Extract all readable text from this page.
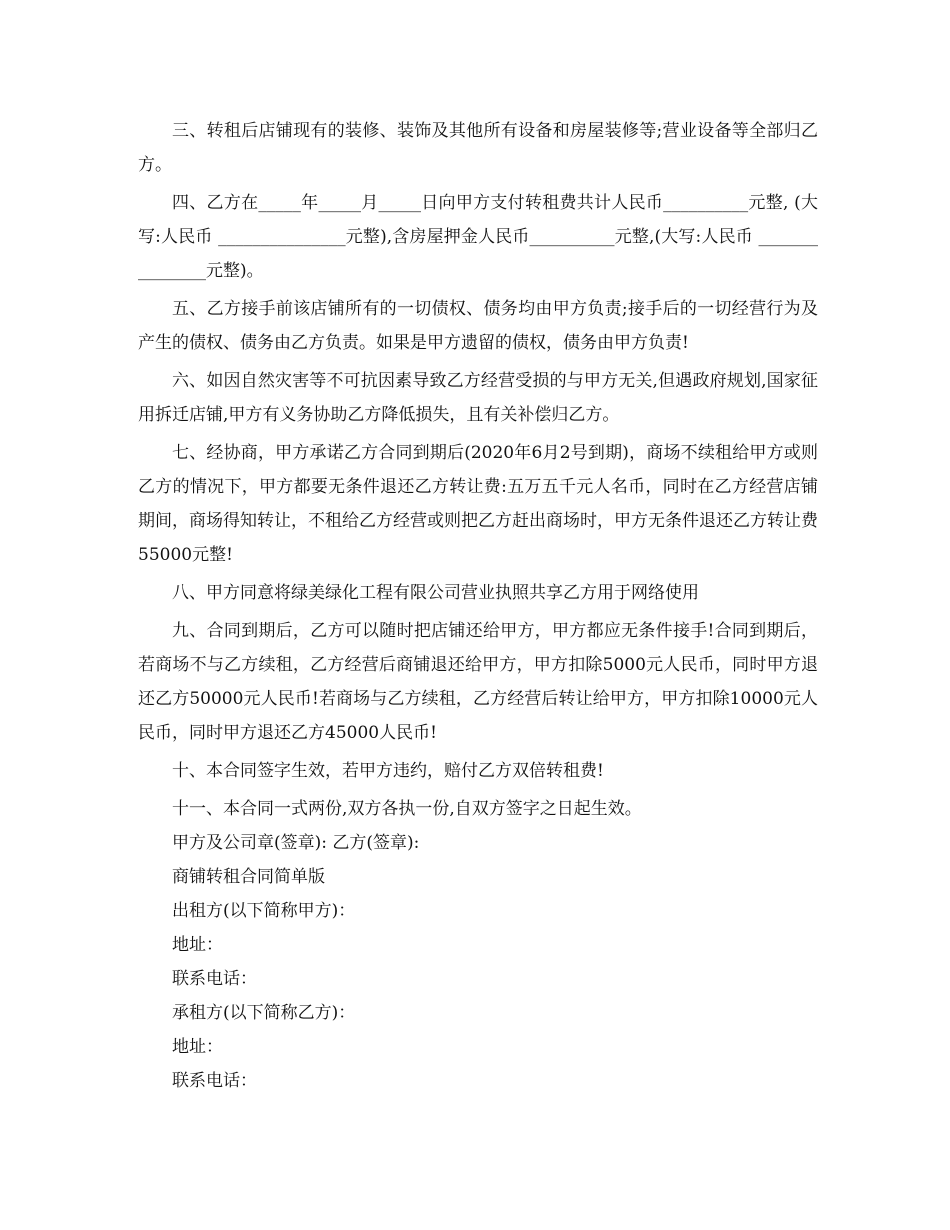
三、转租后店铺现有的装修、装饰及其他所有设备和房屋装修等;营业设备等全部归乙方。

四、乙方在_____年_____月_____日向甲方支付转租费共计人民币__________元整, (大写:人民币 _______________元整),含房屋押金人民币__________元整,(大写:人民币 _______________元整)。

五、乙方接手前该店铺所有的一切债权、债务均由甲方负责;接手后的一切经营行为及产生的债权、债务由乙方负责。如果是甲方遗留的债权，债务由甲方负责!

六、如因自然灾害等不可抗因素导致乙方经营受损的与甲方无关,但遇政府规划,国家征用拆迁店铺,甲方有义务协助乙方降低损失，且有关补偿归乙方。

七、经协商，甲方承诺乙方合同到期后(2020年6月2号到期)，商场不续租给甲方或则乙方的情况下，甲方都要无条件退还乙方转让费:五万五千元人名币，同时在乙方经营店铺期间，商场得知转让，不租给乙方经营或则把乙方赶出商场时，甲方无条件退还乙方转让费55000元整!

八、甲方同意将绿美绿化工程有限公司营业执照共享乙方用于网络使用

九、合同到期后，乙方可以随时把店铺还给甲方，甲方都应无条件接手!合同到期后，若商场不与乙方续租，乙方经营后商铺退还给甲方，甲方扣除5000元人民币，同时甲方退还乙方50000元人民币!若商场与乙方续租，乙方经营后转让给甲方，甲方扣除10000元人民币，同时甲方退还乙方45000人民币!

十、本合同签字生效，若甲方违约，赔付乙方双倍转租费!

十一、本合同一式两份,双方各执一份,自双方签字之日起生效。

甲方及公司章(签章): 乙方(签章):

商铺转租合同简单版

出租方(以下简称甲方)：

地址：

联系电话：

承租方(以下简称乙方)：

地址：

联系电话：
